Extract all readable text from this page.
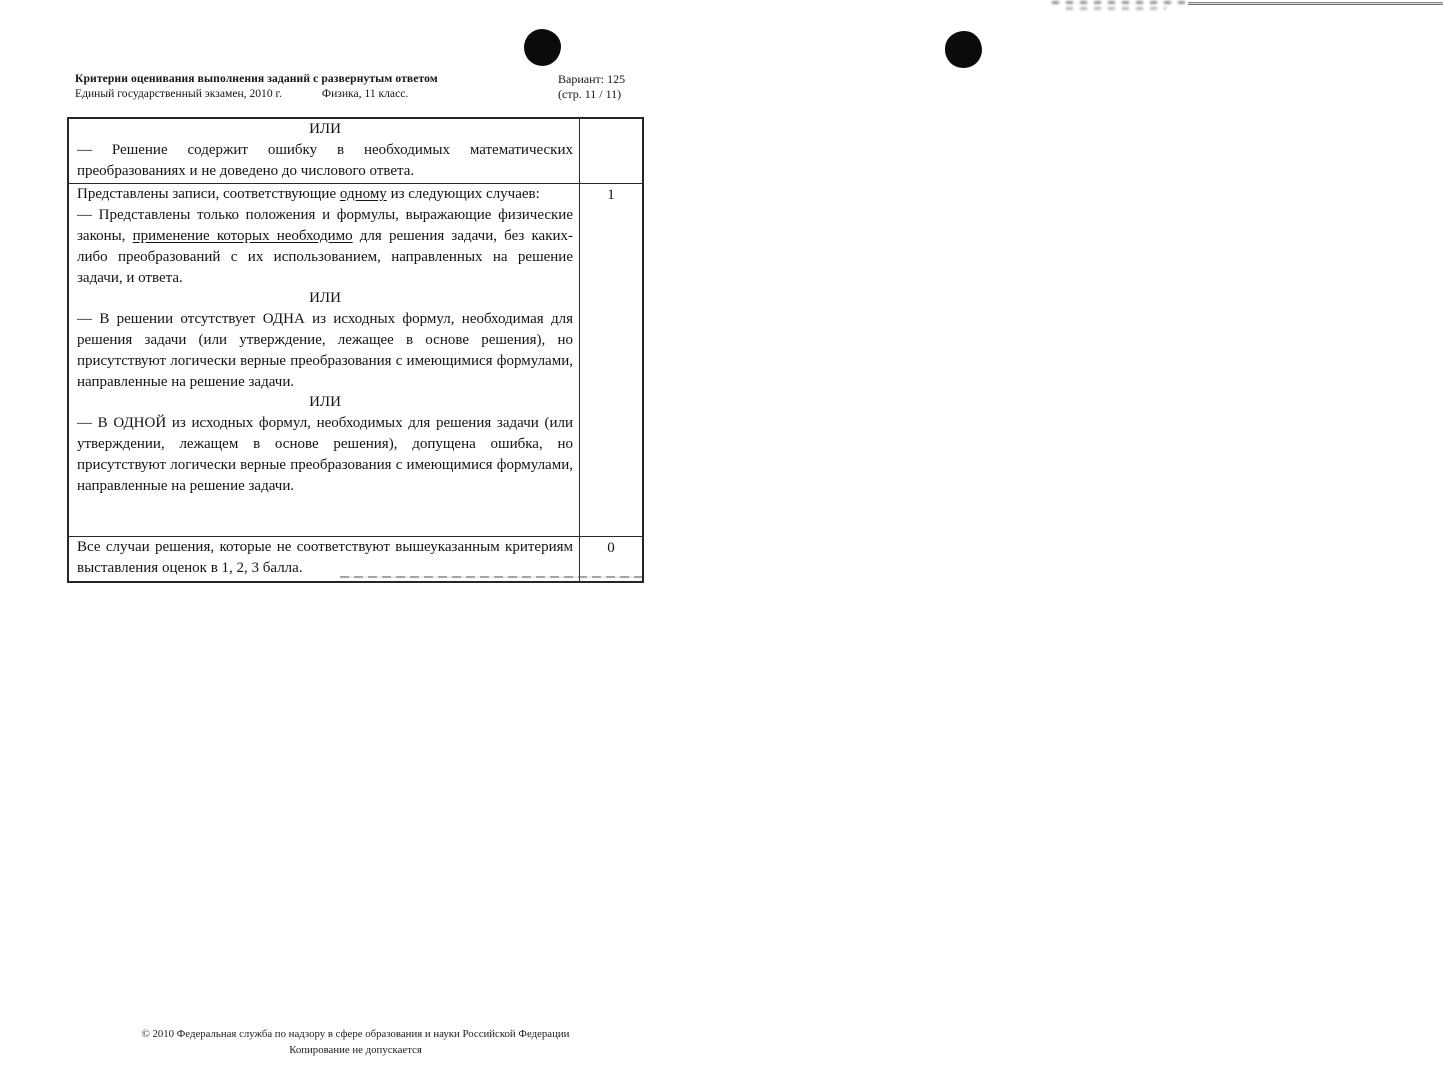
Критерии оценивания выполнения заданий с развернутым ответом
Единый государственный экзамен, 2010 г.	Физика, 11 класс.
Вариант: 125
(стр. 11 / 11)
ИЛИ
— Решение содержит ошибку в необходимых математических преобразованиях и не доведено до числового ответа.
Представлены записи, соответствующие одному из следующих случаев:
— Представлены только положения и формулы, выражающие физические законы, применение которых необходимо для решения задачи, без каких-либо преобразований с их использованием, направленных на решение задачи, и ответа.
ИЛИ
— В решении отсутствует ОДНА из исходных формул, необходимая для решения задачи (или утверждение, лежащее в основе решения), но присутствуют логически верные преобразования с имеющимися формулами, направленные на решение задачи.
ИЛИ
— В ОДНОЙ из исходных формул, необходимых для решения задачи (или утверждении, лежащем в основе решения), допущена ошибка, но присутствуют логически верные преобразования с имеющимися формулами, направленные на решение задачи.
1
Все случаи решения, которые не соответствуют вышеуказанным критериям выставления оценок в 1, 2, 3 балла.
0
© 2010 Федеральная служба по надзору в сфере образования и науки Российской Федерации
Копирование не допускается
